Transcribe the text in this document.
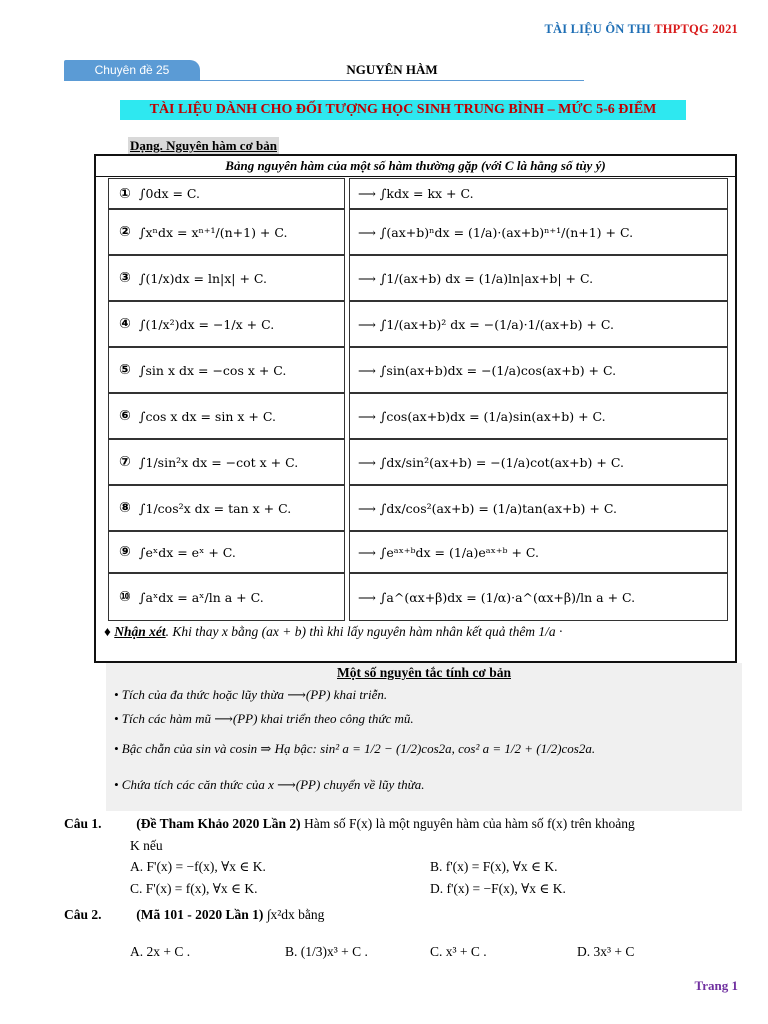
TÀI LIỆU ÔN THI THPTQG 2021
Chuyên đề 25	NGUYÊN HÀM
TÀI LIỆU DÀNH CHO ĐỐI TƯỢNG HỌC SINH TRUNG BÌNH – MỨC 5-6 ĐIỂM
Dạng. Nguyên hàm cơ bản
Bảng nguyên hàm của một số hàm thường gặp (với C là hằng số tùy ý)
① ∫0dx = C.	⟶ ∫kdx = kx + C.
② ∫xⁿdx = xⁿ⁺¹/(n+1) + C.	⟶ ∫(ax+b)ⁿdx = (1/a)·(ax+b)ⁿ⁺¹/(n+1) + C.
③ ∫(1/x)dx = ln|x| + C.	⟶ ∫1/(ax+b) dx = (1/a)ln|ax+b| + C.
④ ∫(1/x²)dx = −1/x + C.	⟶ ∫1/(ax+b)² dx = −(1/a)·1/(ax+b) + C.
⑤ ∫sin x dx = −cos x + C.	⟶ ∫sin(ax+b)dx = −(1/a)cos(ax+b) + C.
⑥ ∫cos x dx = sin x + C.	⟶ ∫cos(ax+b)dx = (1/a)sin(ax+b) + C.
⑦ ∫1/sin²x dx = −cot x + C.	⟶ ∫dx/sin²(ax+b) = −(1/a)cot(ax+b) + C.
⑧ ∫1/cos²x dx = tan x + C.	⟶ ∫dx/cos²(ax+b) = (1/a)tan(ax+b) + C.
⑨ ∫eˣdx = eˣ + C.	⟶ ∫eᵃˣ⁺ᵇdx = (1/a)eᵃˣ⁺ᵇ + C.
⑩ ∫aˣdx = aˣ/ln a + C.	⟶ ∫a^(αx+β)dx = (1/α)·a^(αx+β)/ln a + C.
♦ Nhận xét. Khi thay x bằng (ax + b) thì khi lấy nguyên hàm nhân kết quả thêm 1/a ·
Một số nguyên tắc tính cơ bản
• Tích của đa thức hoặc lũy thừa ⟶(PP) khai triễn.
• Tích các hàm mũ ⟶(PP) khai triển theo công thức mũ.
• Bậc chẵn của sin và cosin ⇒ Hạ bậc: sin² a = 1/2 − (1/2)cos2a, cos² a = 1/2 + (1/2)cos2a.
• Chứa tích các căn thức của x ⟶(PP) chuyển về lũy thừa.
Câu 1.	(Đề Tham Khảo 2020 Lần 2) Hàm số F(x) là một nguyên hàm của hàm số f(x) trên khoảng
K nếu
A. F'(x) = −f(x), ∀x ∈ K.	B. f'(x) = F(x), ∀x ∈ K.
C. F'(x) = f(x), ∀x ∈ K.	D. f'(x) = −F(x), ∀x ∈ K.
Câu 2.	(Mã 101 - 2020 Lần 1) ∫x²dx bằng
A. 2x + C .	B. (1/3)x³ + C .	C. x³ + C .	D. 3x³ + C
Trang 1
